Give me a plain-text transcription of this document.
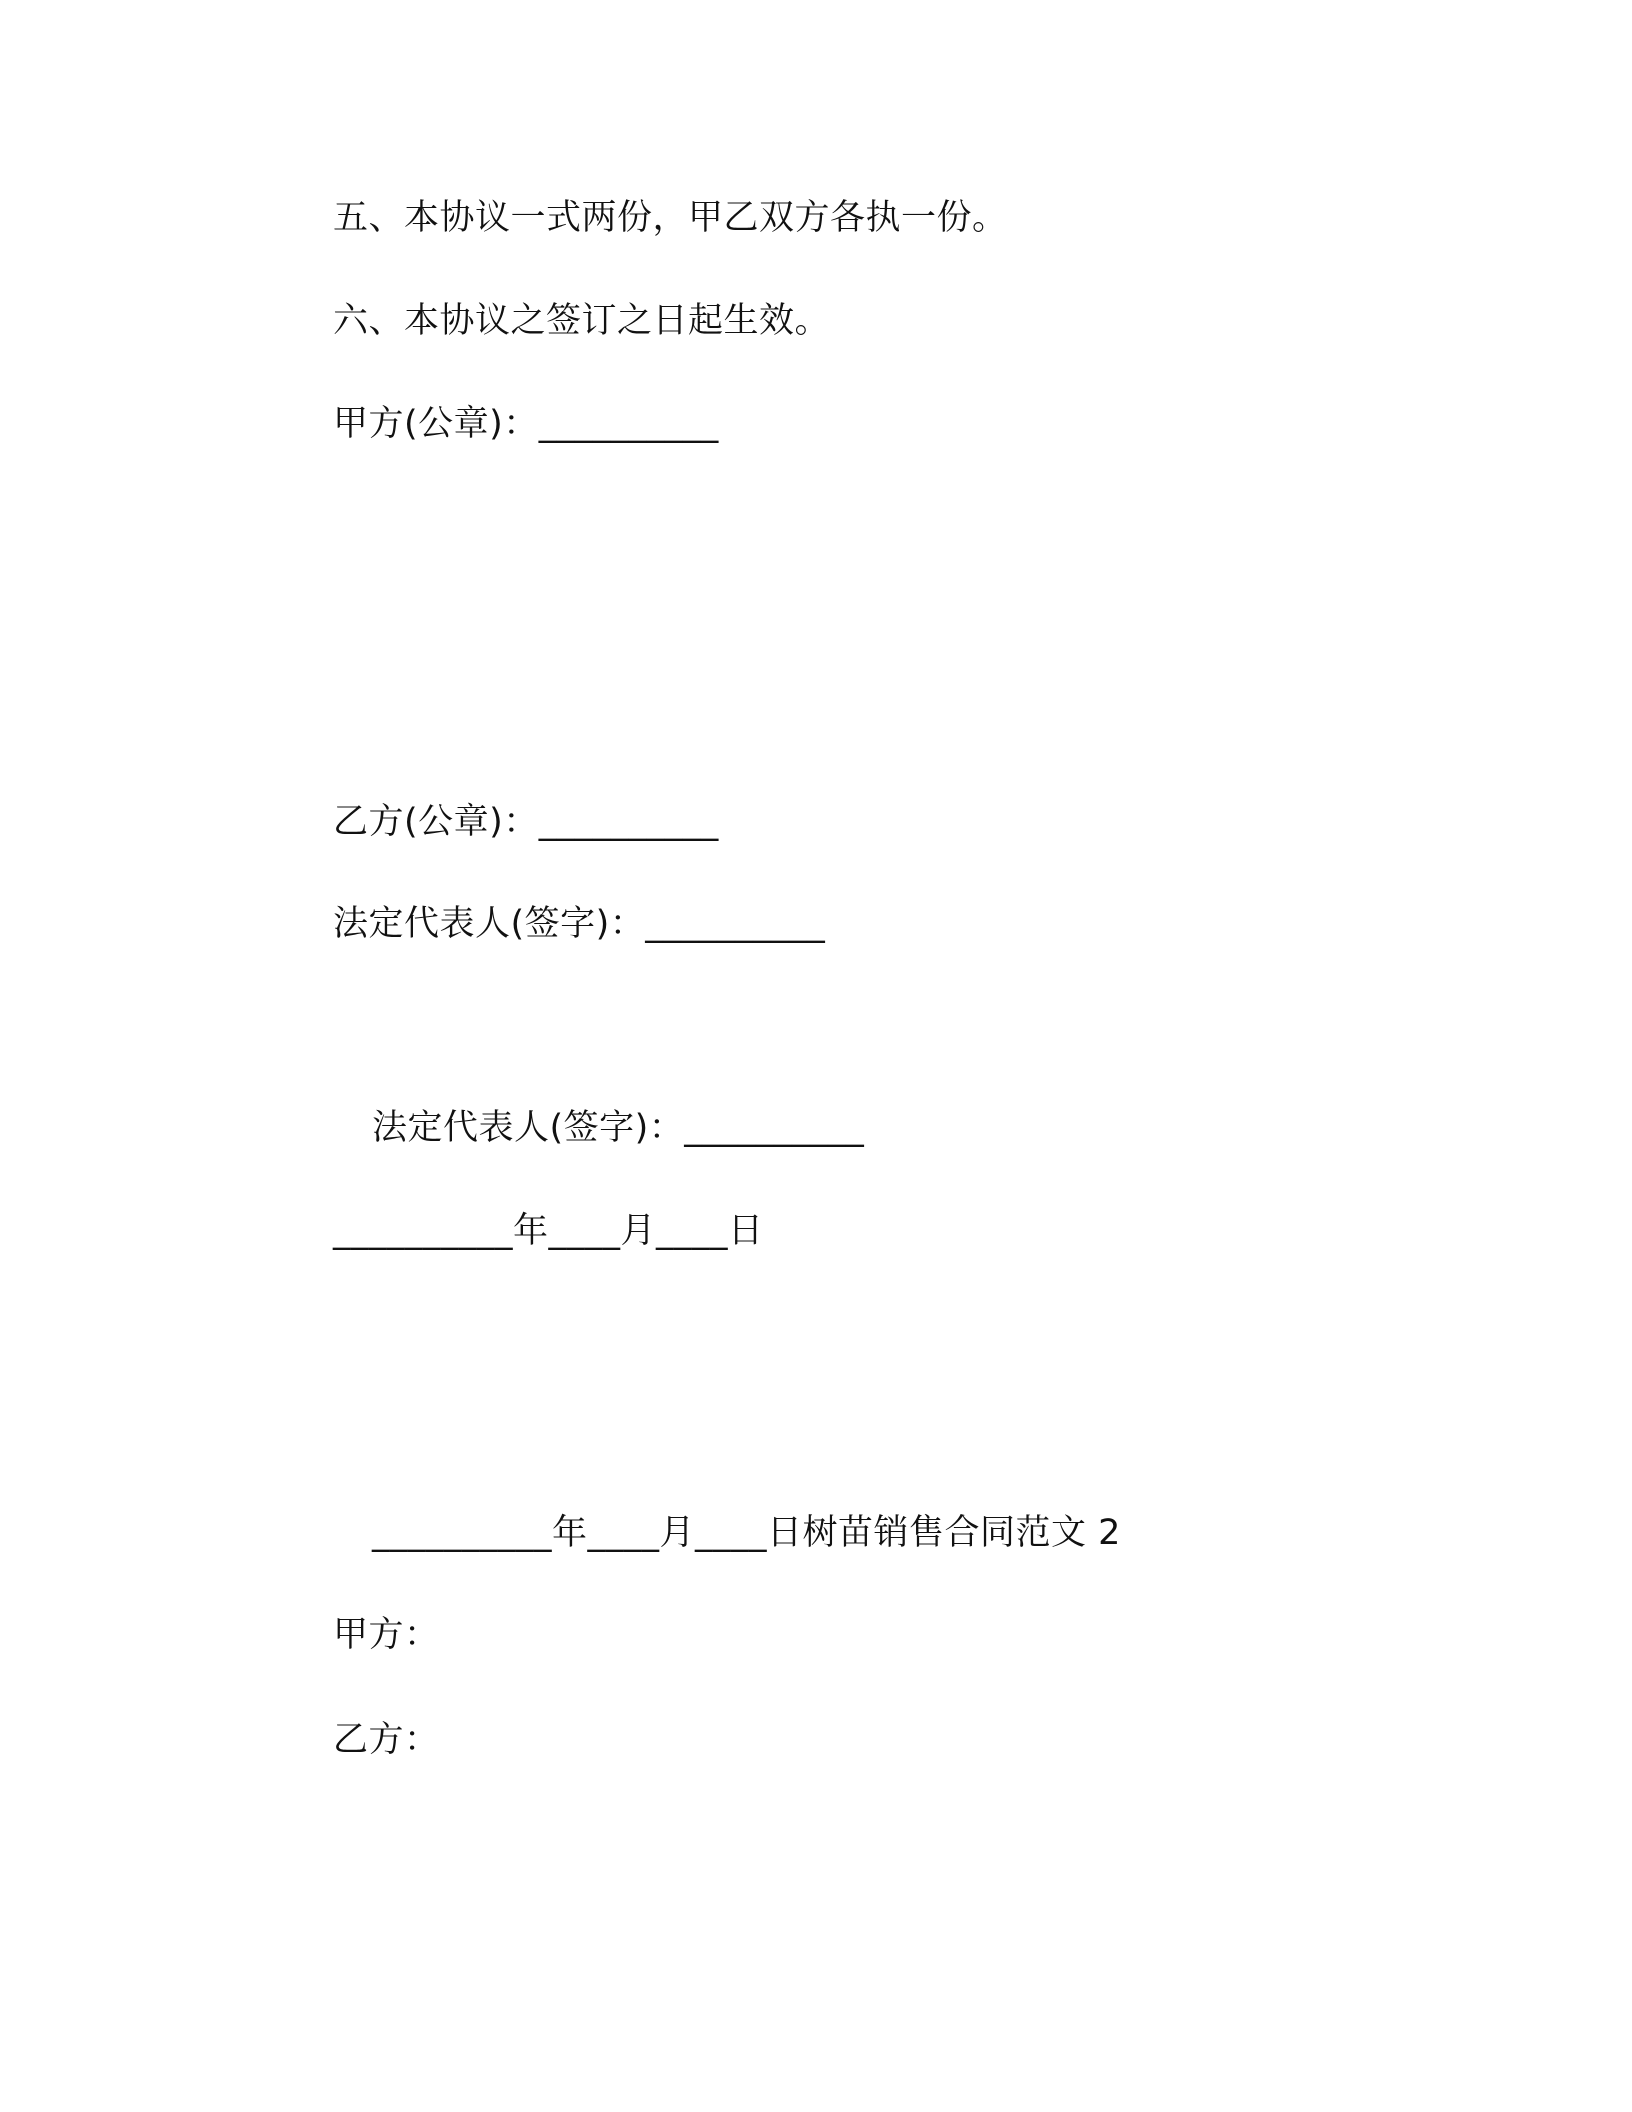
五、本协议一式两份，甲乙双方各执一份。
六、本协议之签订之日起生效。
甲方(公章)：__________
乙方(公章)：__________
法定代表人(签字)：__________
法定代表人(签字)：__________
__________年____月____日
__________年____月____日树苗销售合同范文 2
甲方：
乙方：
